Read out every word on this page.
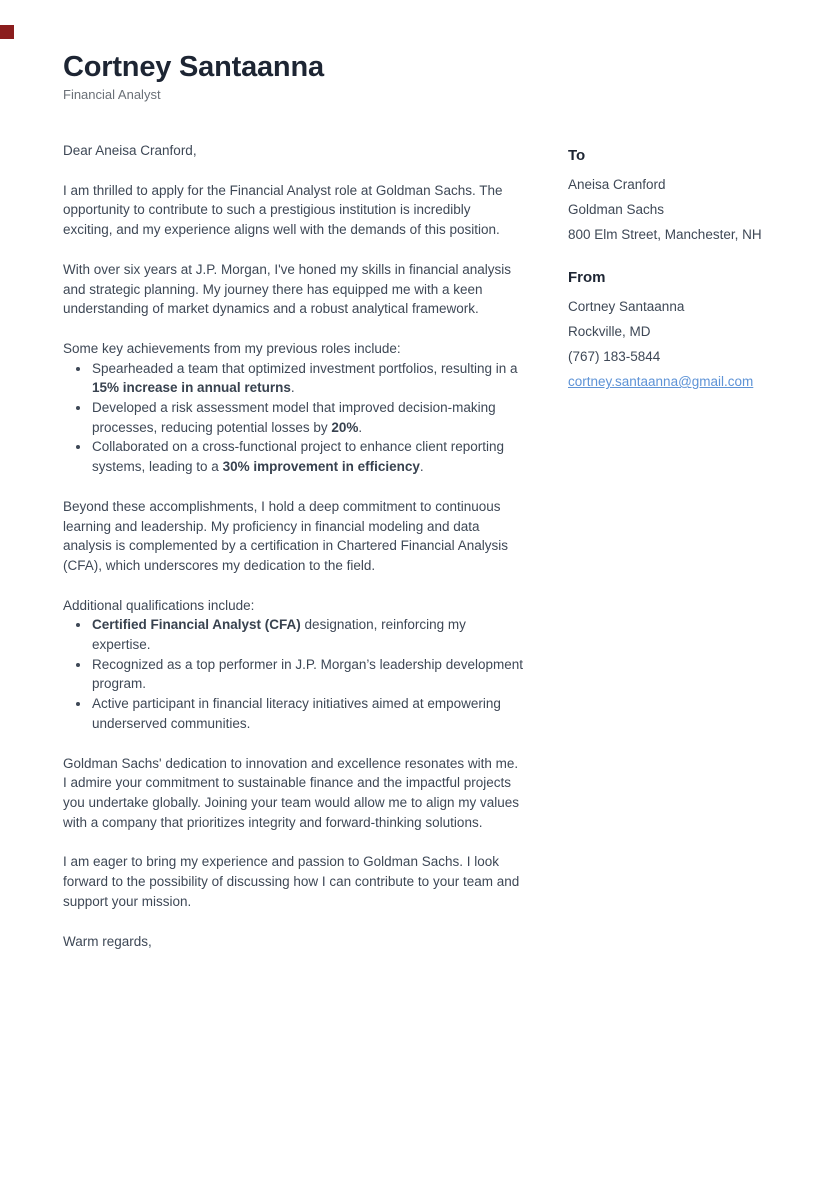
Cortney Santaanna
Financial Analyst

Dear Aneisa Cranford,

I am thrilled to apply for the Financial Analyst role at Goldman Sachs. The opportunity to contribute to such a prestigious institution is incredibly exciting, and my experience aligns well with the demands of this position.

With over six years at J.P. Morgan, I've honed my skills in financial analysis and strategic planning. My journey there has equipped me with a keen understanding of market dynamics and a robust analytical framework.

Some key achievements from my previous roles include:

• Spearheaded a team that optimized investment portfolios, resulting in a 15% increase in annual returns.
• Developed a risk assessment model that improved decision-making processes, reducing potential losses by 20%.
• Collaborated on a cross-functional project to enhance client reporting systems, leading to a 30% improvement in efficiency.

Beyond these accomplishments, I hold a deep commitment to continuous learning and leadership. My proficiency in financial modeling and data analysis is complemented by a certification in Chartered Financial Analysis (CFA), which underscores my dedication to the field.

Additional qualifications include:

• Certified Financial Analyst (CFA) designation, reinforcing my expertise.
• Recognized as a top performer in J.P. Morgan’s leadership development program.
• Active participant in financial literacy initiatives aimed at empowering underserved communities.

Goldman Sachs' dedication to innovation and excellence resonates with me. I admire your commitment to sustainable finance and the impactful projects you undertake globally. Joining your team would allow me to align my values with a company that prioritizes integrity and forward-thinking solutions.

I am eager to bring my experience and passion to Goldman Sachs. I look forward to the possibility of discussing how I can contribute to your team and support your mission.

Warm regards,

To
Aneisa Cranford
Goldman Sachs
800 Elm Street, Manchester, NH
From
Cortney Santaanna
Rockville, MD
(767) 183-5844
cortney.santaanna@gmail.com
